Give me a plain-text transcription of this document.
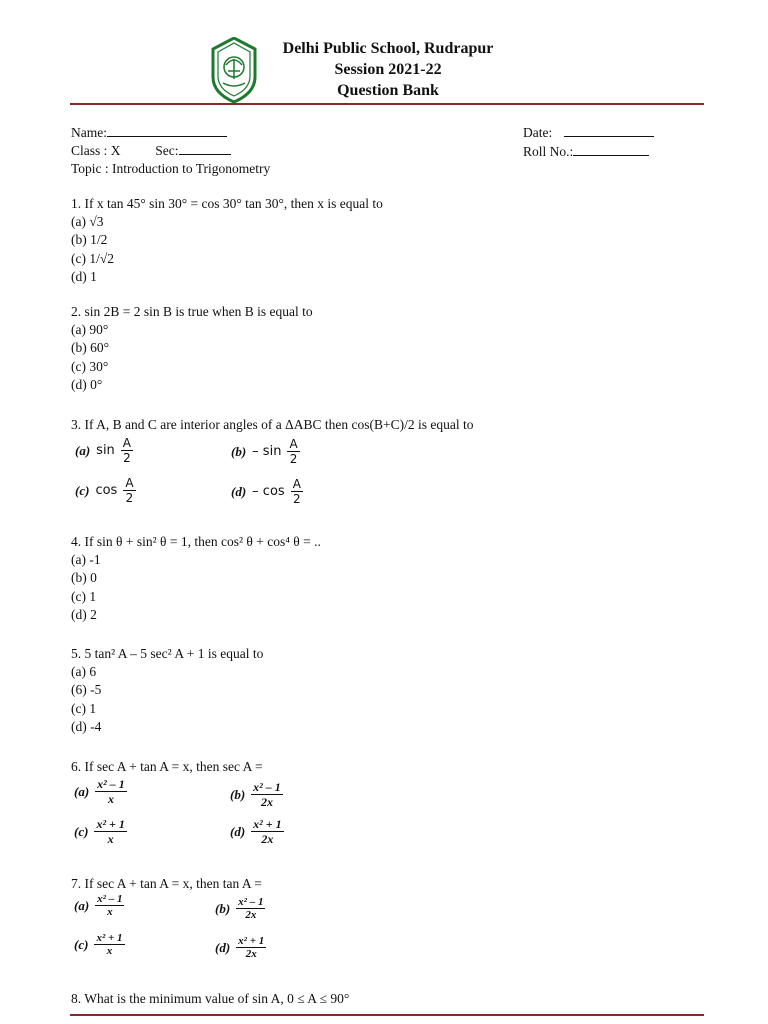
Delhi Public School, Rudrapur
Session 2021-22
Question Bank
Name:
Class : X	Sec:
Topic : Introduction to Trigonometry
Date:
Roll No.:
1. If x tan 45° sin 30° = cos 30° tan 30°, then x is equal to
(a) √3
(b) 1/2
(c) 1/√2
(d) 1
2. sin 2B = 2 sin B is true when B is equal to
(a) 90°
(b) 60°
(c) 30°
(d) 0°
3. If A, B and C are interior angles of a ΔABC then cos(B+C)/2 is equal to
(a) $\sin \frac{A}{2}$	$(b) - \sin \frac{A}{2}$
(c) $\cos \frac{A}{2}$	$(d) - \cos \frac{A}{2}$
4. If sin θ + sin² θ = 1, then cos² θ + cos⁴ θ = ..
(a) -1
(b) 0
(c) 1
(d) 2
5. 5 tan² A – 5 sec² A + 1 is equal to
(a) 6
(6) -5
(c) 1
(d) -4
6. If sec A + tan A = x, then sec A =
$(a) \frac{\text{x² – 1}}{x}$	$(b) \frac{\text{x² – 1}}{2x}$
$(c) \frac{\text{x² + 1}}{x}$	$(d) \frac{\text{x² + 1}}{2x}$
7. If sec A + tan A = x, then tan A =
$(a) \frac{\text{x² – 1}}{x}$	$(b) \frac{\text{x² – 1}}{2x}$
$(c) \frac{\text{x² + 1}}{x}$	$(d) \frac{\text{x² + 1}}{2x}$
8. What is the minimum value of sin A, 0 ≤ A ≤ 90°
